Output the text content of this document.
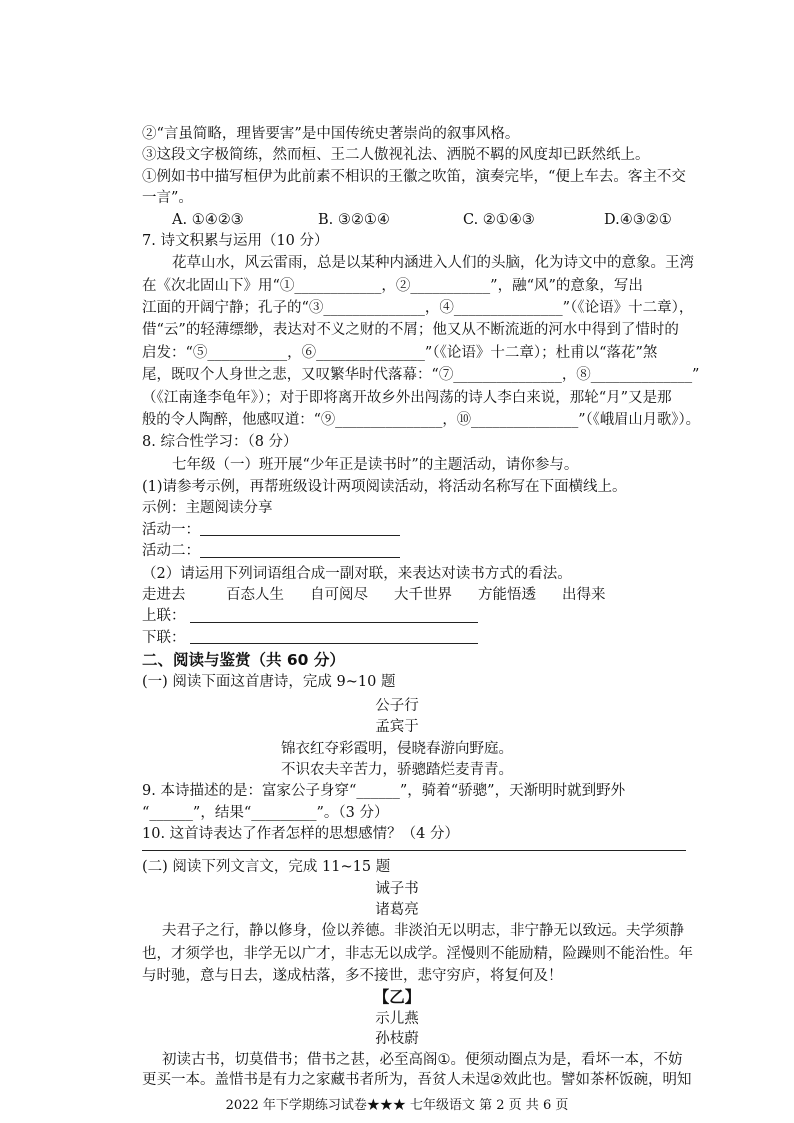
②“言虽简略，理皆要害”是中国传统史著崇尚的叙事风格。
③这段文字极简练，然而桓、王二人傲视礼法、洒脱不羁的风度却已跃然纸上。
①例如书中描写桓伊为此前素不相识的王徽之吹笛，演奏完毕，“便上车去。客主不交
一言”。
A. ①④②③	B. ③②①④	C. ②①④③	D.④③②①
7. 诗文积累与运用（10 分）
花草山水，风云雷雨，总是以某种内涵进入人们的头脑，化为诗文中的意象。王湾
在《次北固山下》用“①____________，②___________”，融“风”的意象，写出
江面的开阔宁静；孔子的“③______________，④_______________”（《论语》十二章），
借“云”的轻薄缥缈，表达对不义之财的不屑；他又从不断流逝的河水中得到了惜时的
启发：“⑤___________，⑥_______________”（《论语》十二章）；杜甫以“落花”煞
尾，既叹个人身世之悲，又叹繁华时代落幕：“⑦_______________，⑧______________”
（《江南逢李龟年》）；对于即将离开故乡外出闯荡的诗人李白来说，那轮“月”又是那
般的令人陶醉，他感叹道：“⑨_______________，⑩_______________”（《峨眉山月歌》）。
8. 综合性学习：（8 分）
七年级（一）班开展“少年正是读书时”的主题活动，请你参与。
(1)请参考示例，再帮班级设计两项阅读活动，将活动名称写在下面横线上。
示例：主题阅读分享
活动一：
活动二：
（2）请运用下列词语组合成一副对联，来表达对读书方式的看法。
走进去	百态人生 自可阅尽 大千世界 方能悟透 出得来
上联：
下联：
二、阅读与鉴赏（共 60 分）
(一) 阅读下面这首唐诗，完成 9~10 题
公子行
孟宾于
锦衣红夺彩霞明，侵晓春游向野庭。
不识农夫辛苦力，骄骢踏烂麦青青。
9. 本诗描述的是：富家公子身穿“______”，骑着“骄骢”，天渐明时就到野外
“______”，结果“_________”。（3 分）
10. 这首诗表达了作者怎样的思想感情？（4 分）
(二) 阅读下列文言文，完成 11~15 题
诫子书
诸葛亮
夫君子之行，静以修身，俭以养德。非淡泊无以明志，非宁静无以致远。夫学须静
也，才须学也，非学无以广才，非志无以成学。淫慢则不能励精，险躁则不能治性。年
与时驰，意与日去，遂成枯落，多不接世，悲守穷庐，将复何及！
【乙】
示儿燕
孙枝蔚
初读古书，切莫借书；借书之甚，必至高阁①。便须动圈点为是，看坏一本，不妨
更买一本。盖惜书是有力之家藏书者所为，吾贫人未逞②效此也。譬如茶杯饭碗，明知
2022 年下学期练习试卷★★★ 七年级语文 第 2 页 共 6 页
